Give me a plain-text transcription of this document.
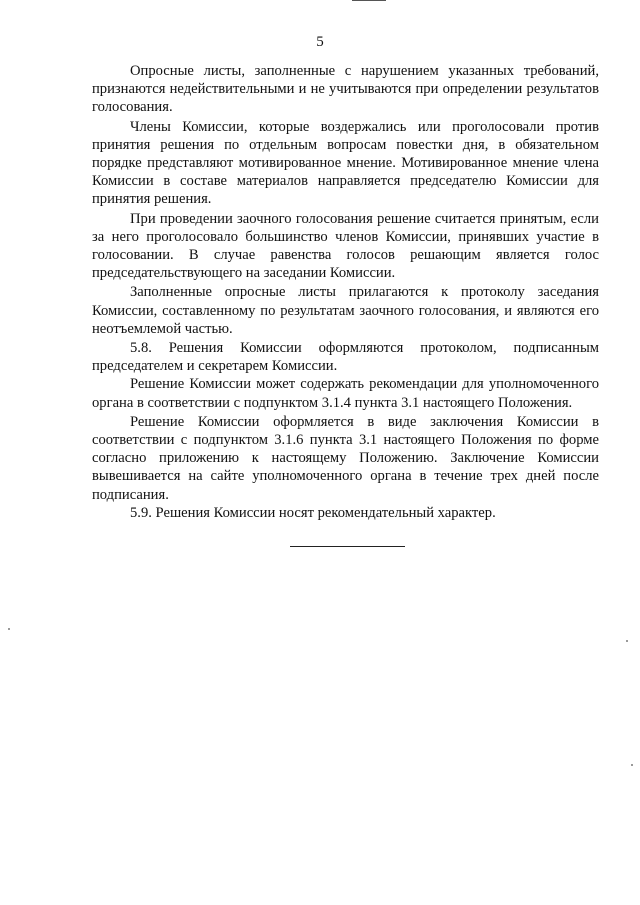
5

Опросные листы, заполненные с нарушением указанных требований, признаются недействительными и не учитываются при определении результатов голосования.

Члены Комиссии, которые воздержались или проголосовали против принятия решения по отдельным вопросам повестки дня, в обязательном порядке представляют мотивированное мнение. Мотивированное мнение члена Комиссии в составе материалов направляется председателю Комиссии для принятия решения.

При проведении заочного голосования решение считается принятым, если за него проголосовало большинство членов Комиссии, принявших участие в голосовании. В случае равенства голосов решающим является голос председательствующего на заседании Комиссии.

Заполненные опросные листы прилагаются к протоколу заседания Комиссии, составленному по результатам заочного голосования, и являются его неотъемлемой частью.

5.8. Решения Комиссии оформляются протоколом, подписанным председателем и секретарем Комиссии.

Решение Комиссии может содержать рекомендации для уполномоченного органа в соответствии с подпунктом 3.1.4 пункта 3.1 настоящего Положения.

Решение Комиссии оформляется в виде заключения Комиссии в соответствии с подпунктом 3.1.6 пункта 3.1 настоящего Положения по форме согласно приложению к настоящему Положению. Заключение Комиссии вывешивается на сайте уполномоченного органа в течение трех дней после подписания.

5.9. Решения Комиссии носят рекомендательный характер.
